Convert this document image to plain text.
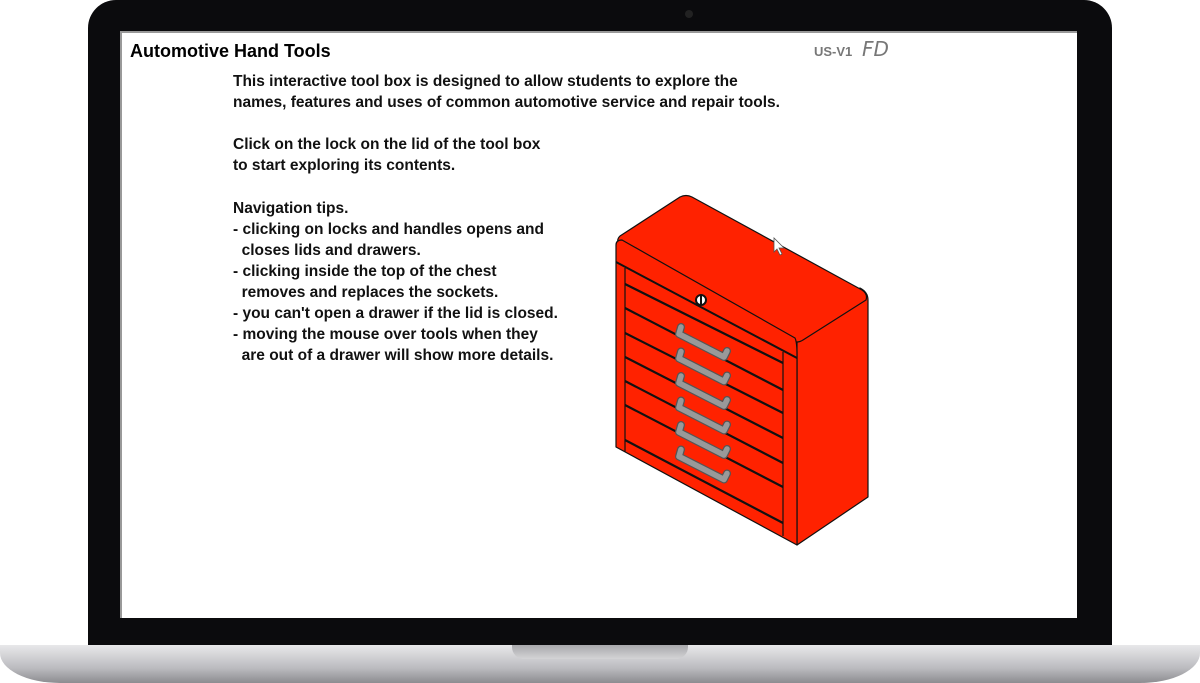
Automotive Hand Tools	US-V1 FD
This interactive tool box is designed to allow students to explore the
names, features and uses of common automotive service and repair tools.
Click on the lock on the lid of the tool box
to start exploring its contents.
Navigation tips.
- clicking on locks and handles opens and
closes lids and drawers.
- clicking inside the top of the chest
removes and replaces the sockets.
- you can't open a drawer if the lid is closed.
- moving the mouse over tools when they
are out of a drawer will show more details.
